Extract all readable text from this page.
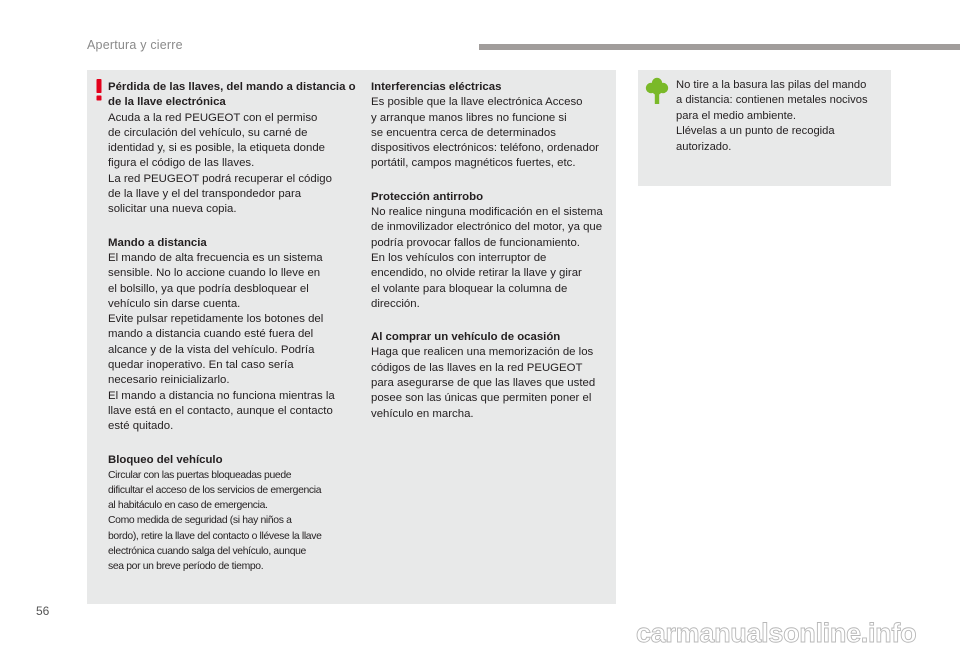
Apertura y cierre
Pérdida de las llaves, del mando a distancia o de la llave electrónica

Acuda a la red PEUGEOT con el permiso

de circulación del vehículo, su carné de

identidad y, si es posible, la etiqueta donde

figura el código de las llaves.

La red PEUGEOT podrá recuperar el código

de la llave y el del transpondedor para

solicitar una nueva copia.

Mando a distancia

El mando de alta frecuencia es un sistema

sensible. No lo accione cuando lo lleve en

el bolsillo, ya que podría desbloquear el

vehículo sin darse cuenta.

Evite pulsar repetidamente los botones del

mando a distancia cuando esté fuera del

alcance y de la vista del vehículo. Podría

quedar inoperativo. En tal caso sería

necesario reinicializarlo.

El mando a distancia no funciona mientras la

llave está en el contacto, aunque el contacto

esté quitado.

Bloqueo del vehículo

Circular con las puertas bloqueadas puede

dificultar el acceso de los servicios de emergencia

al habitáculo en caso de emergencia.

Como medida de seguridad (si hay niños a

bordo), retire la llave del contacto o llévese la llave

electrónica cuando salga del vehículo, aunque

sea por un breve período de tiempo.

Interferencias eléctricas

Es posible que la llave electrónica Acceso

y arranque manos libres no funcione si

se encuentra cerca de determinados

dispositivos electrónicos: teléfono, ordenador

portátil, campos magnéticos fuertes, etc.

Protección antirrobo

No realice ninguna modificación en el sistema

de inmovilizador electrónico del motor, ya que

podría provocar fallos de funcionamiento.

En los vehículos con interruptor de

encendido, no olvide retirar la llave y girar

el volante para bloquear la columna de

dirección.

Al comprar un vehículo de ocasión

Haga que realicen una memorización de los

códigos de las llaves en la red PEUGEOT

para asegurarse de que las llaves que usted

posee son las únicas que permiten poner el

vehículo en marcha.

No tire a la basura las pilas del mando

a distancia: contienen metales nocivos

para el medio ambiente.

Llévelas a un punto de recogida

autorizado.

56
carmanualsonline.info
